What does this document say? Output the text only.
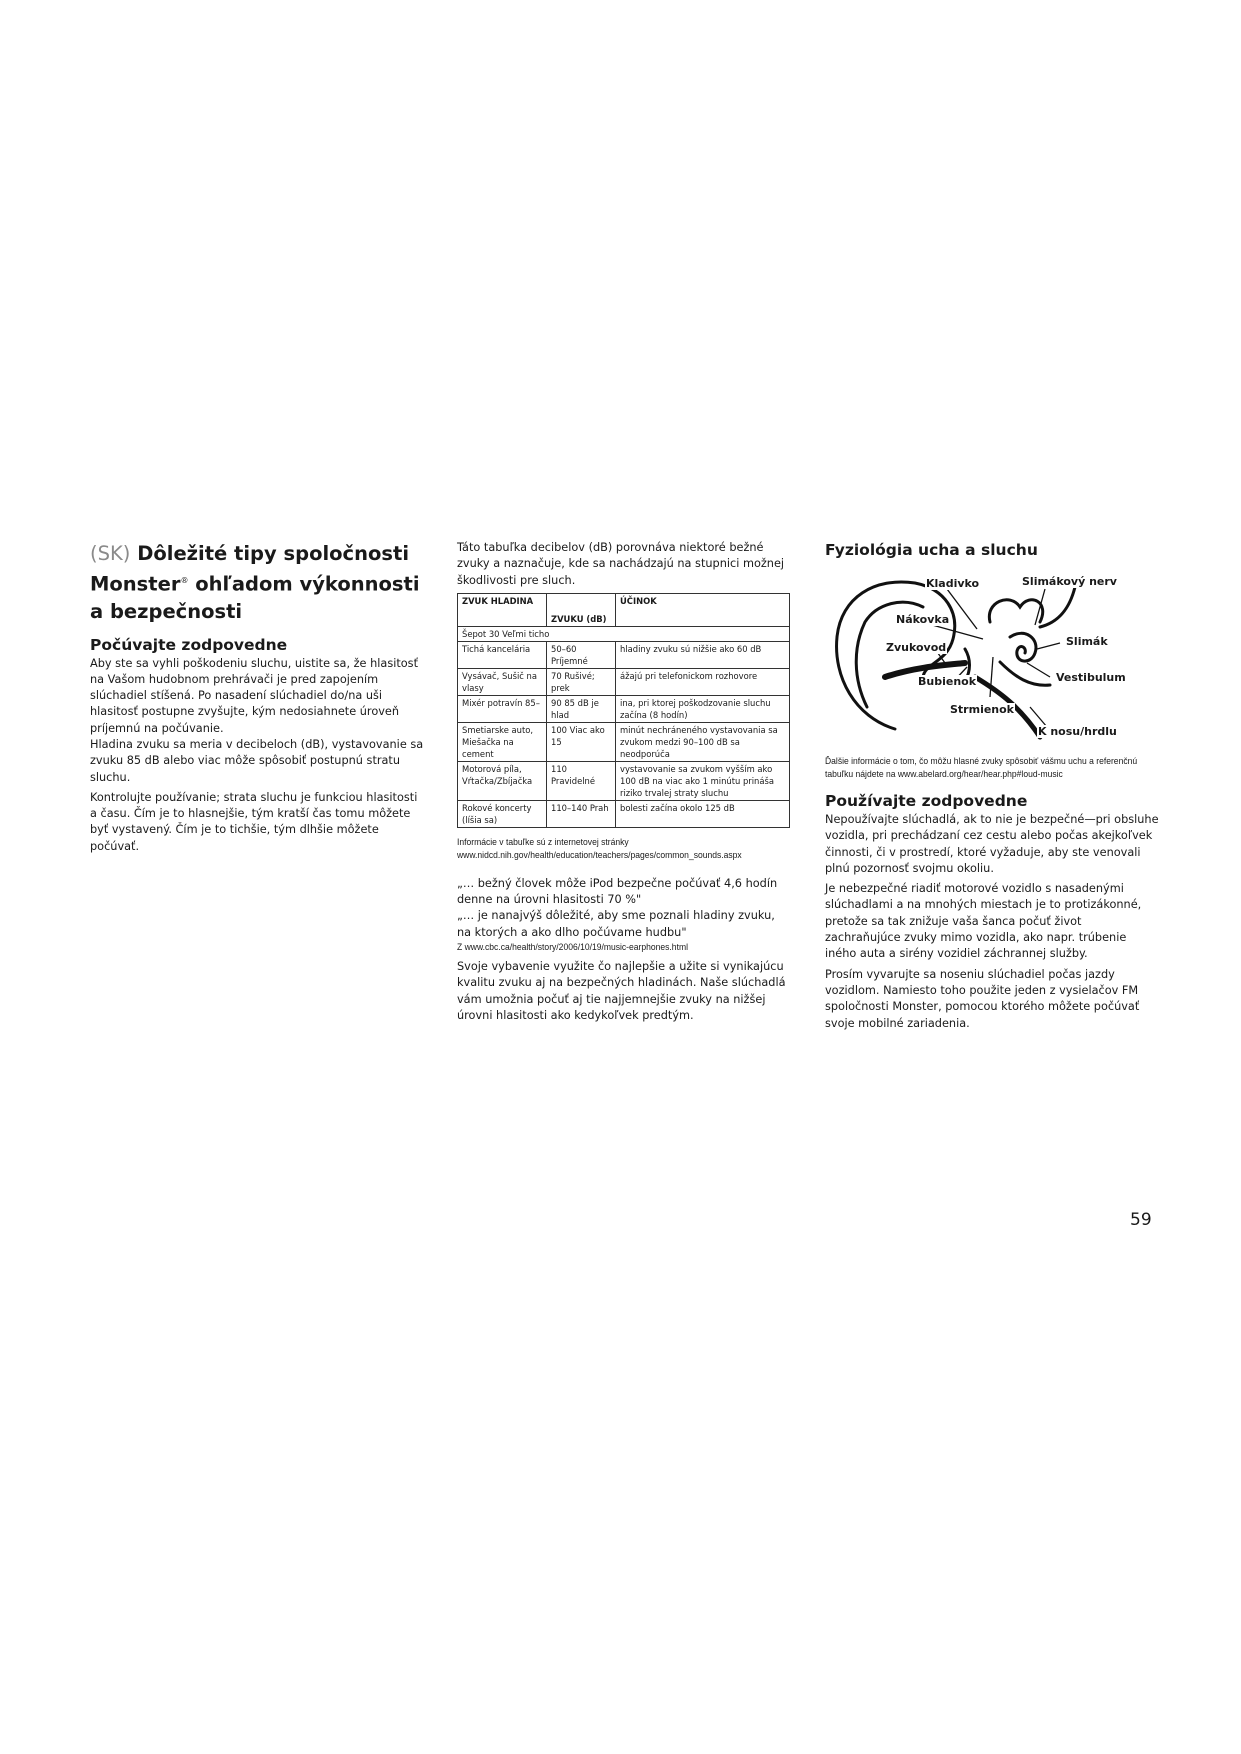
(SK) Dôležité tipy spoločnosti
Monster® ohľadom výkonnosti
a bezpečnosti
Počúvajte zodpovedne

Aby ste sa vyhli poškodeniu sluchu, uistite sa, že hlasitosť na Vašom hudobnom prehrávači je pred zapojením slúchadiel stíšená. Po nasadení slúchadiel do/na uši hlasitosť postupne zvyšujte, kým nedosiahnete úroveň príjemnú na počúvanie.

Hladina zvuku sa meria v decibeloch (dB), vystavovanie sa zvuku 85 dB alebo viac môže spôsobiť postupnú stratu sluchu.

Kontrolujte používanie; strata sluchu je funkciou hlasitosti a času. Čím je to hlasnejšie, tým kratší čas tomu môžete byť vystavený. Čím je to tichšie, tým dlhšie môžete počúvať.

Táto tabuľka decibelov (dB) porovnáva niektoré bežné zvuky a naznačuje, kde sa nachádzajú na stupnici možnej škodlivosti pre sluch.

ZVUK HLADINA	ZVUKU (dB)	ÚČINOK
Šepot 30 Veľmi ticho		
Tichá kancelária	50–60 Príjemné	hladiny zvuku sú nižšie ako 60 dB
Vysávač, Sušič na vlasy	70 Rušivé; prek	ážajú pri telefonickom rozhovore
Mixér potravín 85–	90 85 dB je hlad	ina, pri ktorej poškodzovanie sluchu začína (8 hodín)
Smetiarske auto, Miešačka na cement	100 Viac ako 15	minút nechráneného vystavovania sa zvukom medzi 90–100 dB sa neodporúča
Motorová píla, Vŕtačka/Zbíjačka	110 Pravidelné	vystavovanie sa zvukom vyšším ako 100 dB na viac ako 1 minútu prináša riziko trvalej straty sluchu
Rokové koncerty (líšia sa)	110–140 Prah	bolesti začína okolo 125 dB
Informácie v tabuľke sú z internetovej stránky www.nidcd.nih.gov/health/education/teachers/pages/common_sounds.aspx
„… bežný človek môže iPod bezpečne počúvať 4,6 hodín denne na úrovni hlasitosti 70 %"
„… je nanajvýš dôležité, aby sme poznali hladiny zvuku, na ktorých a ako dlho počúvame hudbu"
Z www.cbc.ca/health/story/2006/10/19/music-earphones.html

Svoje vybavenie využite čo najlepšie a užite si vynikajúcu kvalitu zvuku aj na bezpečných hladinách. Naše slúchadlá vám umožnia počuť aj tie najjemnejšie zvuky na nižšej úrovni hlasitosti ako kedykoľvek predtým.

Fyziológia ucha a sluchu
Kladivko	Slimákový nerv
Nákovka
Zvukovod	Slimák
Bubienok	Vestibulum
Strmienok
K nosu/hrdlu
Ďalšie informácie o tom, čo môžu hlasné zvuky spôsobiť vášmu uchu a referenčnú tabuľku nájdete na www.abelard.org/hear/hear.php#loud-music
Používajte zodpovedne

Nepoužívajte slúchadlá, ak to nie je bezpečné—pri obsluhe vozidla, pri prechádzaní cez cestu alebo počas akejkoľvek činnosti, či v prostredí, ktoré vyžaduje, aby ste venovali plnú pozornosť svojmu okoliu.

Je nebezpečné riadiť motorové vozidlo s nasadenými slúchadlami a na mnohých miestach je to protizákonné, pretože sa tak znižuje vaša šanca počuť život zachraňujúce zvuky mimo vozidla, ako napr. trúbenie iného auta a sirény vozidiel záchrannej služby.

Prosím vyvarujte sa noseniu slúchadiel počas jazdy vozidlom. Namiesto toho použite jeden z vysielačov FM spoločnosti Monster, pomocou ktorého môžete počúvať svoje mobilné zariadenia.

59
